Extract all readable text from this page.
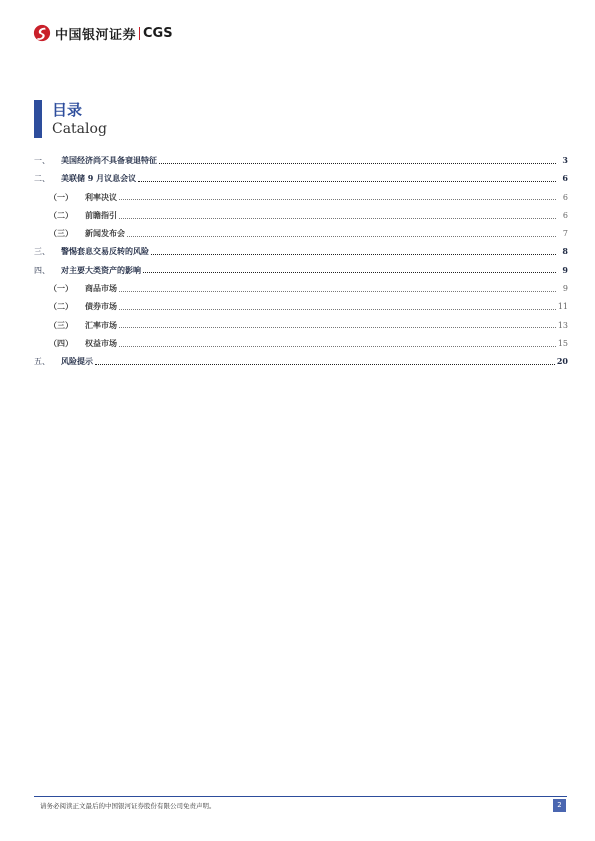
中国银河证券 CGS
目录
Catalog
一、	美国经济尚不具备衰退特征	3
二、	美联储 9 月议息会议	6
（一）	利率决议	6
（二）	前瞻指引	6
（三）	新闻发布会	7
三、	警惕套息交易反转的风险	8
四、	对主要大类资产的影响	9
（一）	商品市场	9
（二）	债券市场	11
（三）	汇率市场	13
（四）	权益市场	15
五、	风险提示	20
请务必阅读正文最后的中国银河证券股份有限公司免责声明。	2
